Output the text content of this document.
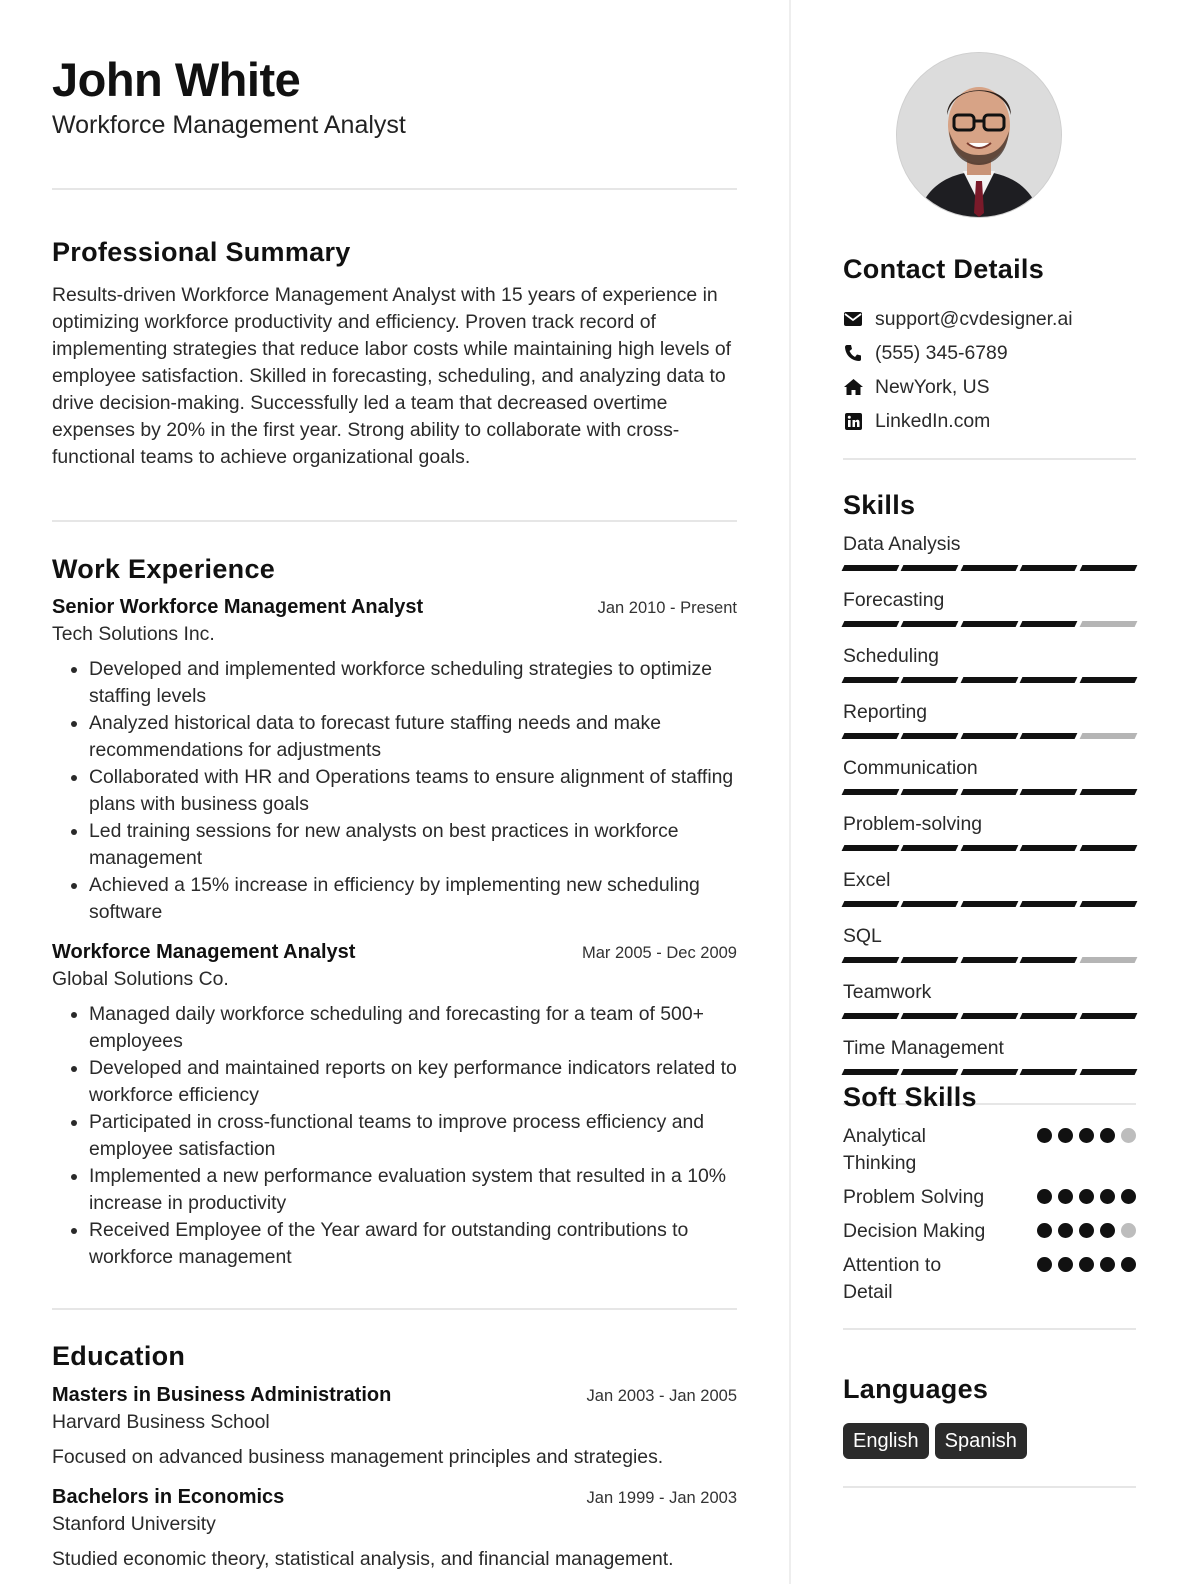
John White
Workforce Management Analyst
Professional Summary
Results-driven Workforce Management Analyst with 15 years of experience in optimizing workforce productivity and efficiency. Proven track record of implementing strategies that reduce labor costs while maintaining high levels of employee satisfaction. Skilled in forecasting, scheduling, and analyzing data to drive decision-making. Successfully led a team that decreased overtime expenses by 20% in the first year. Strong ability to collaborate with cross-functional teams to achieve organizational goals.
Work Experience
Senior Workforce Management Analyst	Jan 2010 - Present
Tech Solutions Inc.
• Developed and implemented workforce scheduling strategies to optimize staffing levels
• Analyzed historical data to forecast future staffing needs and make recommendations for adjustments
• Collaborated with HR and Operations teams to ensure alignment of staffing plans with business goals
• Led training sessions for new analysts on best practices in workforce management
• Achieved a 15% increase in efficiency by implementing new scheduling software
Workforce Management Analyst	Mar 2005 - Dec 2009
Global Solutions Co.
• Managed daily workforce scheduling and forecasting for a team of 500+ employees
• Developed and maintained reports on key performance indicators related to workforce efficiency
• Participated in cross-functional teams to improve process efficiency and employee satisfaction
• Implemented a new performance evaluation system that resulted in a 10% increase in productivity
• Received Employee of the Year award for outstanding contributions to workforce management
Education
Masters in Business Administration	Jan 2003 - Jan 2005
Harvard Business School
Focused on advanced business management principles and strategies.
Bachelors in Economics	Jan 1999 - Jan 2003
Stanford University
Studied economic theory, statistical analysis, and financial management.
Contact Details
support@cvdesigner.ai
(555) 345-6789
NewYork, US
LinkedIn.com
Skills
Data Analysis
Forecasting
Scheduling
Reporting
Communication
Problem-solving
Excel
SQL
Teamwork
Time Management
Soft Skills
Analytical Thinking
Problem Solving
Decision Making
Attention to Detail
Languages
English	Spanish
